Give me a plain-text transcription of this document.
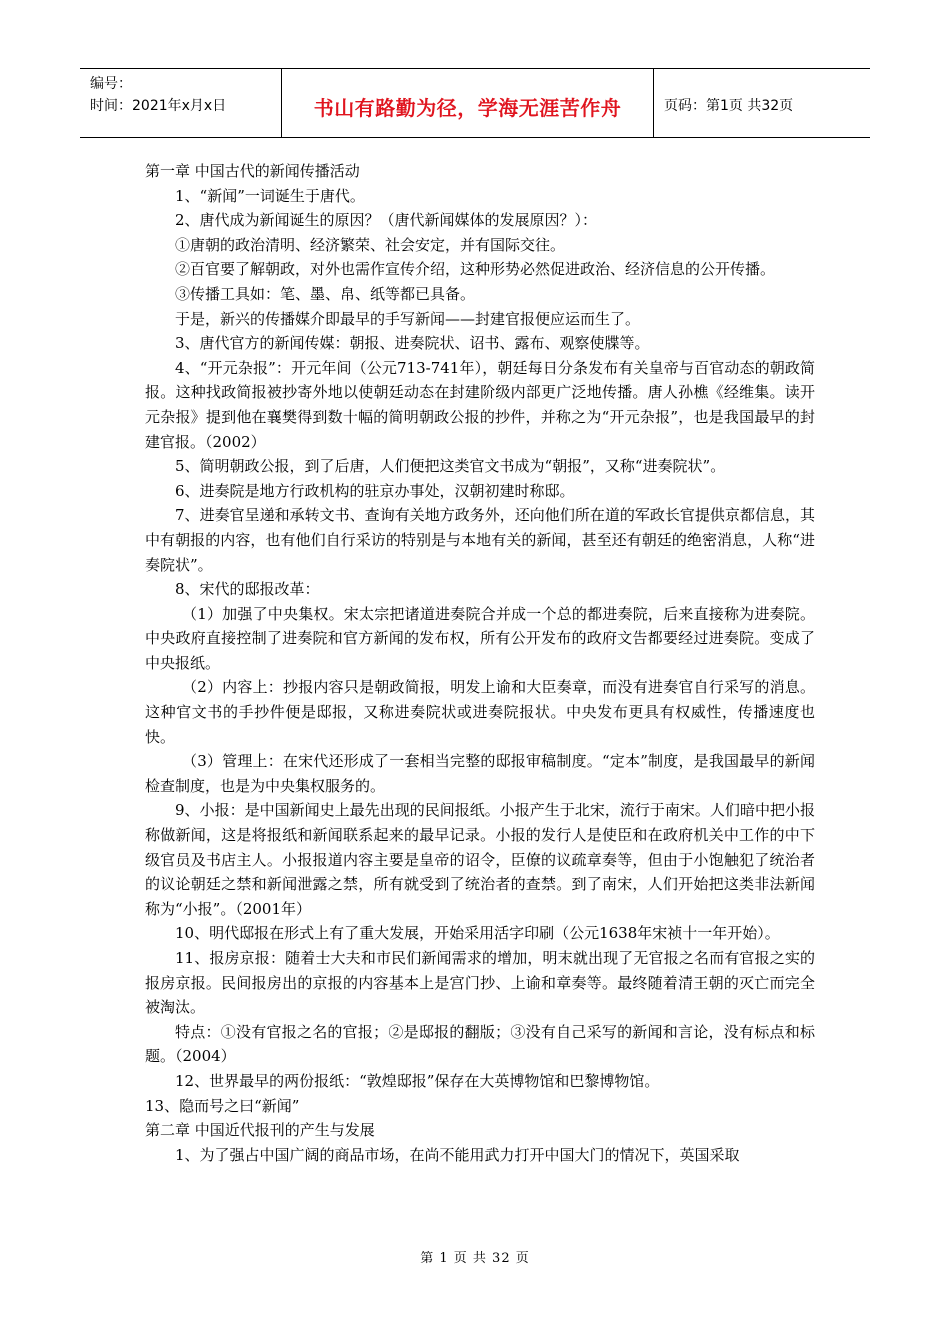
编号：
时间：2021年x月x日	书山有路勤为径，学海无涯苦作舟	页码：第1页 共32页

第一章 中国古代的新闻传播活动

1、“新闻”一词诞生于唐代。

2、唐代成为新闻诞生的原因？（唐代新闻媒体的发展原因？）：

①唐朝的政治清明、经济繁荣、社会安定，并有国际交往。

②百官要了解朝政，对外也需作宣传介绍，这种形势必然促进政治、经济信息的公开传播。

③传播工具如：笔、墨、帛、纸等都已具备。

于是，新兴的传播媒介即最早的手写新闻——封建官报便应运而生了。

3、唐代官方的新闻传媒：朝报、进奏院状、诏书、露布、观察使牒等。

4、“开元杂报”：开元年间（公元713-741年），朝廷每日分条发布有关皇帝与百官动态的朝政简报。这种找政简报被抄寄外地以使朝廷动态在封建阶级内部更广泛地传播。唐人孙樵《经维集。读开元杂报》提到他在襄樊得到数十幅的简明朝政公报的抄件，并称之为“开元杂报”，也是我国最早的封建官报。（2002）

5、简明朝政公报，到了后唐，人们便把这类官文书成为“朝报”，又称“进奏院状”。

6、进奏院是地方行政机构的驻京办事处，汉朝初建时称邸。

7、进奏官呈递和承转文书、查询有关地方政务外，还向他们所在道的军政长官提供京都信息，其中有朝报的内容，也有他们自行采访的特别是与本地有关的新闻，甚至还有朝廷的绝密消息，人称“进奏院状”。

8、宋代的邸报改革：

（1）加强了中央集权。宋太宗把诸道进奏院合并成一个总的都进奏院，后来直接称为进奏院。中央政府直接控制了进奏院和官方新闻的发布权，所有公开发布的政府文告都要经过进奏院。变成了中央报纸。

（2）内容上：抄报内容只是朝政简报，明发上谕和大臣奏章，而没有进奏官自行采写的消息。这种官文书的手抄件便是邸报，又称进奏院状或进奏院报状。中央发布更具有权威性，传播速度也快。

（3）管理上：在宋代还形成了一套相当完整的邸报审稿制度。“定本”制度，是我国最早的新闻检查制度，也是为中央集权服务的。

9、小报：是中国新闻史上最先出现的民间报纸。小报产生于北宋，流行于南宋。人们暗中把小报称做新闻，这是将报纸和新闻联系起来的最早记录。小报的发行人是使臣和在政府机关中工作的中下级官员及书店主人。小报报道内容主要是皇帝的诏令，臣僚的议疏章奏等，但由于小饱触犯了统治者的议论朝廷之禁和新闻泄露之禁，所有就受到了统治者的查禁。到了南宋，人们开始把这类非法新闻称为“小报”。（2001年）

10、明代邸报在形式上有了重大发展，开始采用活字印刷（公元1638年宋祯十一年开始）。

11、报房京报：随着士大夫和市民们新闻需求的增加，明末就出现了无官报之名而有官报之实的报房京报。民间报房出的京报的内容基本上是宫门抄、上谕和章奏等。最终随着清王朝的灭亡而完全被淘汰。

特点：①没有官报之名的官报；②是邸报的翻版；③没有自己采写的新闻和言论，没有标点和标题。（2004）

12、世界最早的两份报纸：“敦煌邸报”保存在大英博物馆和巴黎博物馆。

13、隐而号之曰“新闻”

第二章 中国近代报刊的产生与发展

1、为了强占中国广阔的商品市场，在尚不能用武力打开中国大门的情况下，英国采取

第 1 页 共 32 页
